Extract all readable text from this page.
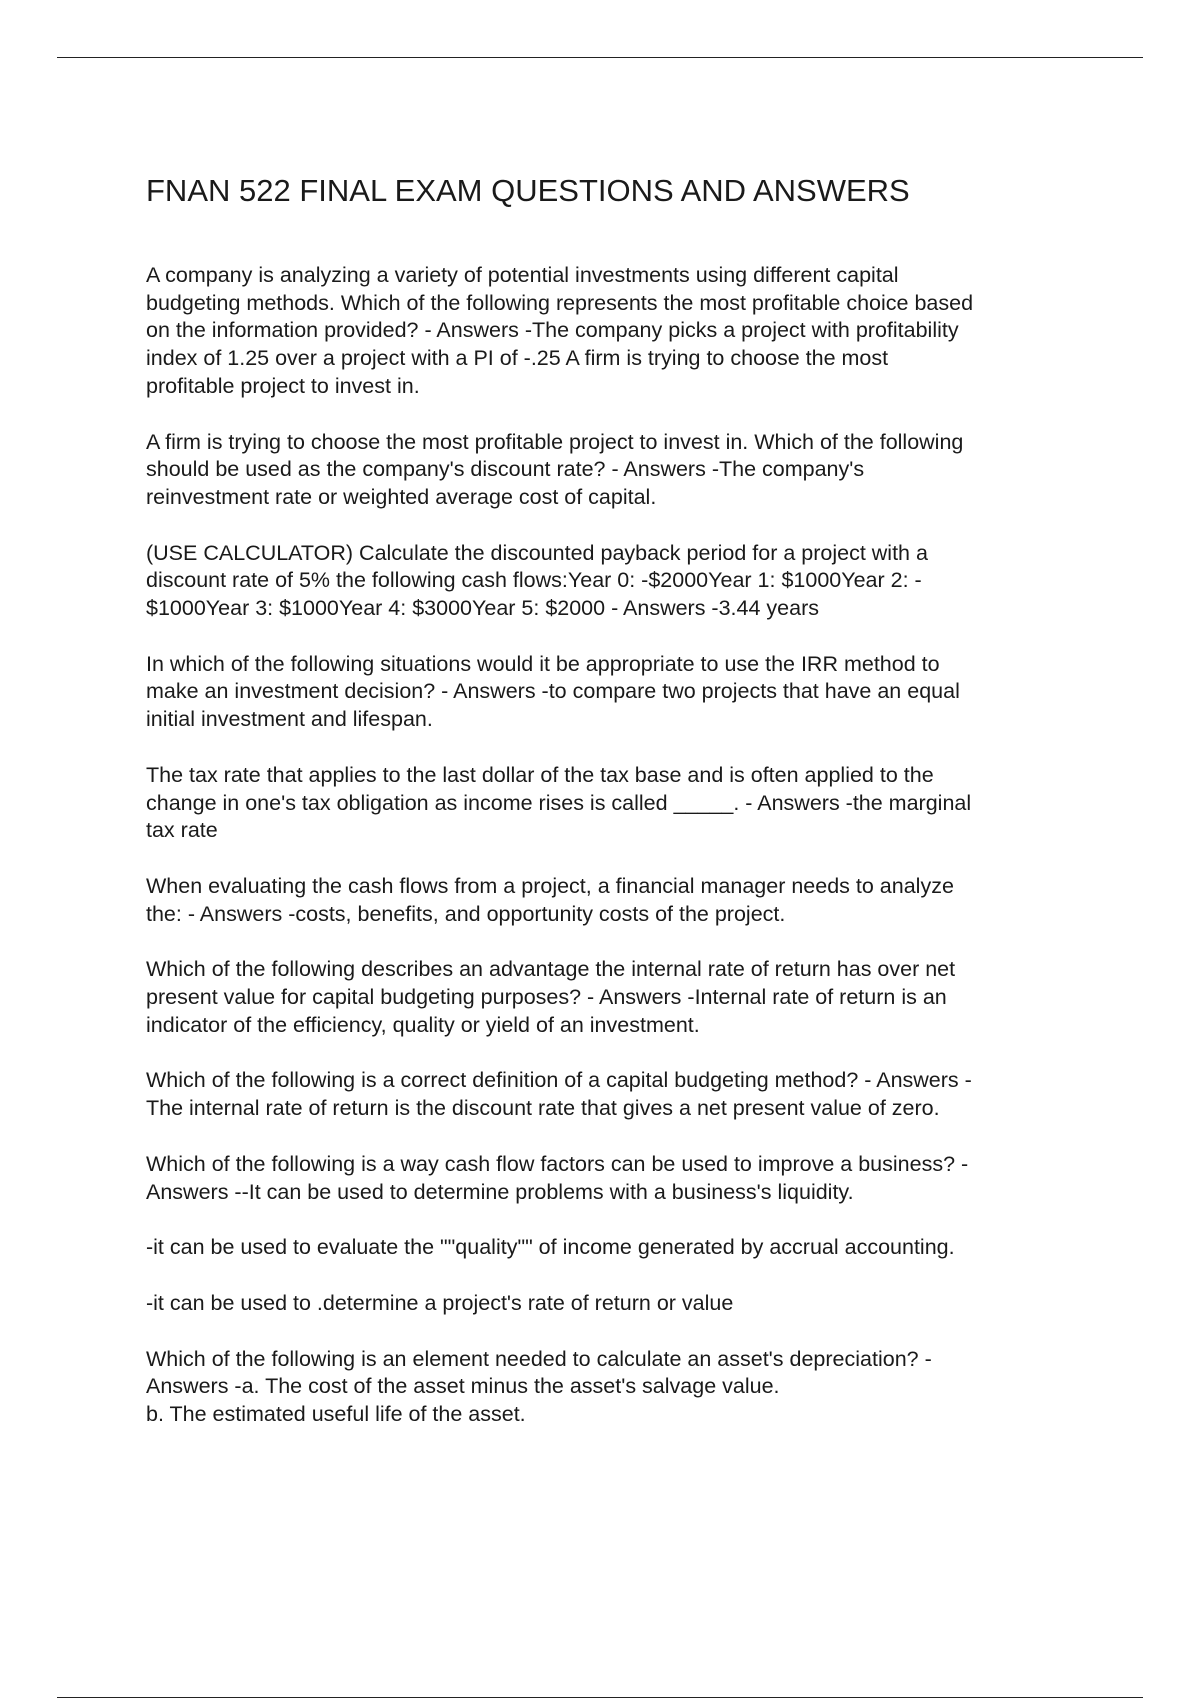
FNAN 522 FINAL EXAM QUESTIONS AND ANSWERS
A company is analyzing a variety of potential investments using different capital
budgeting methods. Which of the following represents the most profitable choice based
on the information provided? - Answers -The company picks a project with profitability
index of 1.25 over a project with a PI of -.25 A firm is trying to choose the most
profitable project to invest in.
A firm is trying to choose the most profitable project to invest in. Which of the following
should be used as the company's discount rate? - Answers -The company's
reinvestment rate or weighted average cost of capital.
(USE CALCULATOR) Calculate the discounted payback period for a project with a
discount rate of 5% the following cash flows:Year 0: -$2000Year 1: $1000Year 2: -
$1000Year 3: $1000Year 4: $3000Year 5: $2000 - Answers -3.44 years
In which of the following situations would it be appropriate to use the IRR method to
make an investment decision? - Answers -to compare two projects that have an equal
initial investment and lifespan.
The tax rate that applies to the last dollar of the tax base and is often applied to the
change in one's tax obligation as income rises is called _____. - Answers -the marginal
tax rate
When evaluating the cash flows from a project, a financial manager needs to analyze
the: - Answers -costs, benefits, and opportunity costs of the project.
Which of the following describes an advantage the internal rate of return has over net
present value for capital budgeting purposes? - Answers -Internal rate of return is an
indicator of the efficiency, quality or yield of an investment.
Which of the following is a correct definition of a capital budgeting method? - Answers -
The internal rate of return is the discount rate that gives a net present value of zero.
Which of the following is a way cash flow factors can be used to improve a business? -
Answers --It can be used to determine problems with a business's liquidity.
-it can be used to evaluate the ""quality"" of income generated by accrual accounting.
-it can be used to .determine a project's rate of return or value
Which of the following is an element needed to calculate an asset's depreciation? -
Answers -a. The cost of the asset minus the asset's salvage value.
b. The estimated useful life of the asset.
